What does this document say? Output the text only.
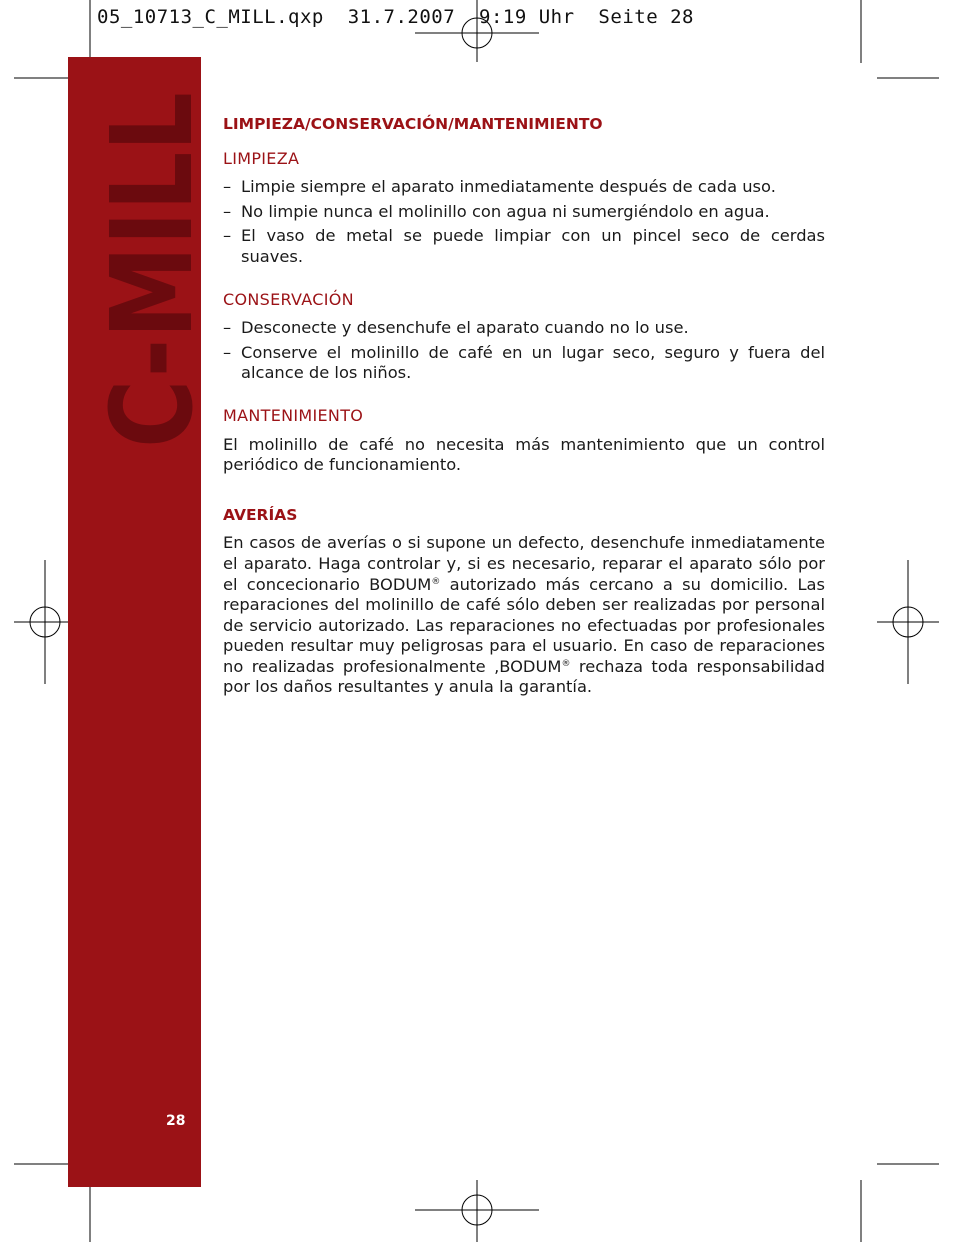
05_10713_C_MILL.qxp  31.7.2007  9:19 Uhr  Seite 28
C-MILL
28
LIMPIEZA/CONSERVACIÓN/MANTENIMIENTO
LIMPIEZA
– Limpie siempre el aparato inmediatamente después de cada uso.
– No limpie nunca el molinillo con agua ni sumergiéndolo en agua.
– El vaso de metal se puede limpiar con un pincel seco de cerdas suaves.
CONSERVACIÓN
– Desconecte y desenchufe el aparato cuando no lo use.
– Conserve el molinillo de café en un lugar seco, seguro y fuera del alcance de los niños.
MANTENIMIENTO

El molinillo de café no necesita más mantenimiento que un control periódico de funcionamiento.

AVERÍAS

En casos de averías o si supone un defecto, desenchufe inmediatamente el aparato. Haga controlar y, si es necesario, reparar el aparato sólo por el concecionario BODUM® autorizado más cercano a su domicilio. Las reparaciones del molinillo de café sólo deben ser realizadas por personal de servicio autorizado. Las reparaciones no efectuadas por profesionales pueden resultar muy peligrosas para el usuario. En caso de reparaciones no realizadas profesionalmente ‚BODUM® rechaza toda responsabilidad por los daños resultantes y anula la garantía.
